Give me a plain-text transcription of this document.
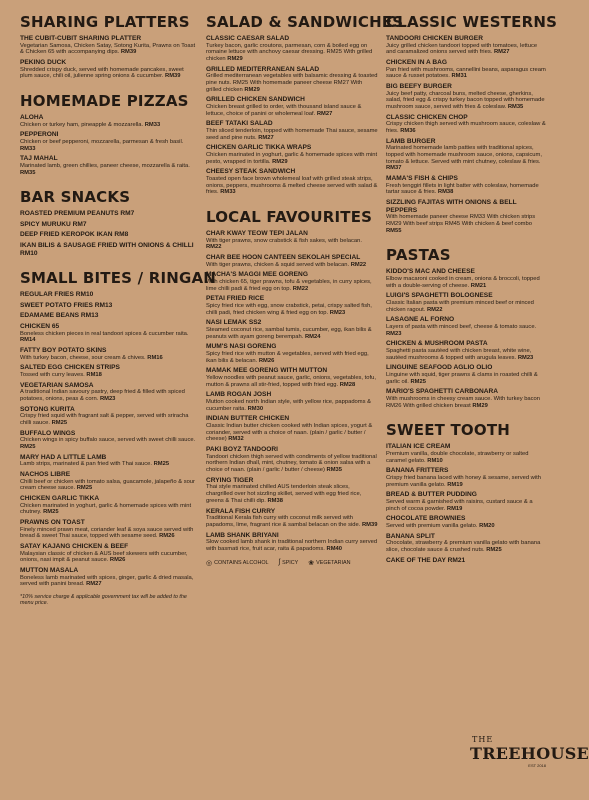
SHARING PLATTERS
THE CUBIT-CUBIT SHARING PLATTER
Vegetarian Samosa, Chicken Satay, Sotong Kurita, Prawns on Toast & Chicken 65 with accompanying dips. RM39
PEKING DUCK
Shredded crispy duck, served with homemade pancakes, sweet plum sauce, chili oil, julienne spring onions & cucumber. RM39
HOMEMADE PIZZAS
ALOHA
Chicken or turkey ham, pineapple & mozzarella. RM33
PEPPERONI
Chicken or beef pepperoni, mozzarella, parmesan & fresh basil. RM33
TAJ MAHAL
Marinated lamb, green chillies, paneer cheese, mozzarella & raita. RM35
BAR SNACKS
ROASTED PREMIUM PEANUTS RM7
SPICY MURUKU RM7
DEEP FRIED KEROPOK IKAN RM8
IKAN BILIS & SAUSAGE FRIED WITH ONIONS & CHILLI RM10
SMALL BITES / RINGAN
REGULAR FRIES RM10
SWEET POTATO FRIES RM13
EDAMAME BEANS RM13
CHICKEN 65
Boneless chicken pieces in real tandoori spices & cucumber raita. RM14
FATTY BOY POTATO SKINS
With turkey bacon, cheese, sour cream & chives. RM16
SALTED EGG CHICKEN STRIPS
Tossed with curry leaves. RM18
VEGETARIAN SAMOSA
A traditional Indian savoury pastry, deep fried & filled with spiced potatoes, onions, peas & corn. RM23
SOTONG KURITA
Crispy fried squid with fragrant salt & pepper, served with sriracha chilli sauce. RM25
BUFFALO WINGS
Chicken wings in spicy buffalo sauce, served with sweet chilli sauce. RM25
MARY HAD A LITTLE LAMB
Lamb strips, marinated & pan fried with Thai sauce. RM25
NACHOS LIBRE
Chilli beef or chicken with tomato salsa, guacamole, jalapeño & sour cream cheese sauce. RM25
CHICKEN GARLIC TIKKA
Chicken marinated in yoghurt, garlic & homemade spices with mint chutney. RM25
PRAWNS ON TOAST
Finely minced prawn meat, coriander leaf & soya sauce served with bread & sweet Thai sauce, topped with sesame seed. RM26
SATAY KAJANG CHICKEN & BEEF
Malaysian classic of chicken & AUS beef skewers with cucumber, onions, nasi impit & peanut sauce. RM26
MUTTON MASALA
Boneless lamb marinated with spices, ginger, garlic & dried masala, served with panini bread. RM27
*10% service charge & applicable government tax will be added to the menu price.
SALAD & SANDWICHES
CLASSIC CAESAR SALAD
Turkey bacon, garlic croutons, parmesan, corn & boiled egg on romaine lettuce with anchovy caesar dressing. RM25 With grilled chicken RM29
GRILLED MEDITERRANEAN SALAD
Grilled mediterranean vegetables with balsamic dressing & toasted pine nuts. RM25 With homemade paneer cheese RM27 With grilled chicken RM29
GRILLED CHICKEN SANDWICH
Chicken breast grilled to order, with thousand island sauce & lettuce, choice of panini or wholemeal loaf. RM27
BEEF TATAKI SALAD
Thin sliced tenderloin, topped with homemade Thai sauce, sesame seed and pine nuts. RM27
CHICKEN GARLIC TIKKA WRAPS
Chicken marinated in yoghurt, garlic & homemade spices with mint pesto, wrapped in tortilla. RM29
CHEESY STEAK SANDWICH
Toasted open face brown wholemeal loaf with grilled steak strips, onions, peppers, mushrooms & melted cheese served with salad & fries. RM33
LOCAL FAVOURITES
CHAR KWAY TEOW TEPI JALAN
With tiger prawns, snow crabstick & fish sakes, with belacan. RM22
CHAR BEE HOON CANTEEN SEKOLAH SPECIAL
With tiger prawns, chicken & squid served with belacan. RM22
MACHA'S MAGGI MEE GORENG
With chicken 65, tiger prawns, tofu & vegetables, in curry spices, lime chilli padi & fried egg on top. RM22
PETAI FRIED RICE
Spicy fried rice with egg, snow crabstick, petai, crispy salted fish, chilli padi, fried chicken wing & fried egg on top. RM23
NASI LEMAK SS2
Steamed coconut rice, sambal tumis, cucumber, egg, ikan bilis & peanuts with ayam goreng berempah. RM24
MUM'S NASI GORENG
Spicy fried rice with mutton & vegetables, served with fried egg, ikan bilis & belacan. RM26
MAMAK MEE GORENG WITH MUTTON
Yellow noodles with peanut sauce, garlic, onions, vegetables, tofu, mutton & prawns all stir-fried, topped with fried egg. RM28
LAMB ROGAN JOSH
Mutton cooked north Indian style, with yellow rice, pappadoms & cucumber raita. RM30
INDIAN BUTTER CHICKEN
Classic Indian butter chicken cooked with Indian spices, yogurt & coriander, served with a choice of naan. (plain / garlic / butter / cheese) RM32
PAKI BOYZ TANDOORI
Tandoori chicken thigh served with condiments of yellow traditional northern Indian dhall, mint, chutney, tomato & onion salsa with a choice of naan. (plain / garlic / butter / cheese) RM35
CRYING TIGER
Thai style marinated chilled AUS tenderloin steak slices, chargrilled over hot sizzling skillet, served with egg fried rice, greens & Thai chilli dip. RM38
KERALA FISH CURRY
Traditional Kerala fish curry with coconut milk served with papadoms, lime, fragrant rice & sambal belacan on the side. RM39
LAMB SHANK BRIYANI
Slow cooked lamb shank in traditional northern Indian curry served with basmati rice, fruit acar, raita & papadoms. RM40
◎ CONTAINS ALCOHOL ʃ SPICY ❀ VEGETARIAN
CLASSIC WESTERNS
TANDOORI CHICKEN BURGER
Juicy grilled chicken tandoori topped with tomatoes, lettuce and caramalized onions served with fries. RM27
CHICKEN IN A BAG
Pan fried with mushrooms, cannellini beans, asparagus cream sauce & russet potatoes. RM31
BIG BEEFY BURGER
Juicy beef patty, charcoal buns, melted cheese, gherkins, salad, fried egg & crispy turkey bacon topped with homemade mushroom sauce, served with fries & coleslaw. RM35
CLASSIC CHICKEN CHOP
Crispy chicken thigh served with mushroom sauce, coleslaw & fries. RM36
LAMB BURGER
Marinated homemade lamb patties with traditional spices, topped with homemade mushroom sauce, onions, capsicum, tomato & lettuce. Served with mint chutney, coleslaw & fries. RM37
MAMA'S FISH & CHIPS
Fresh tenggiri fillets in light batter with coleslaw, homemade tartar sauce & fries. RM38
SIZZLING FAJITAS WITH ONIONS & BELL PEPPERS
With homemade paneer cheese RM33 With chicken strips RM29 With beef strips RM45 With chicken & beef combo RM55
PASTAS
KIDDO'S MAC AND CHEESE
Elbow macaroni cooked in cream, onions & broccoli, topped with a double-serving of cheese. RM21
LUIGI'S SPAGHETTI BOLOGNESE
Classic Italian pasta with premium minced beef or minced chicken ragout. RM22
LASAGNE AL FORNO
Layers of pasta with minced beef, cheese & tomato sauce. RM23
CHICKEN & MUSHROOM PASTA
Spaghetti pasta sautéed with chicken breast, white wine, sautéed mushrooms & topped with arugula leaves. RM23
LINGUINE SEAFOOD AGLIO OLIO
Linguine with squid, tiger prawns & clams in roasted chilli & garlic oil. RM25
MARIO'S SPAGHETTI CARBONARA
With mushrooms in cheesy cream sauce. With turkey bacon RM26 With grilled chicken breast RM29
SWEET TOOTH
ITALIAN ICE CREAM
Premium vanilla, double chocolate, strawberry or salted caramel gelato. RM10
BANANA FRITTERS
Crispy fried banana laced with honey & sesame, served with premium vanilla gelato. RM19
BREAD & BUTTER PUDDING
Served warm & garnished with raisins, custard sauce & a pinch of cocoa powder. RM19
CHOCOLATE BROWNIES
Served with premium vanilla gelato. RM20
BANANA SPLIT
Chocolate, strawberry & premium vanilla gelato with banana slice, chocolate sauce & crushed nuts. RM25
CAKE OF THE DAY RM21
THE
TREEHOUSE
EST 2018
